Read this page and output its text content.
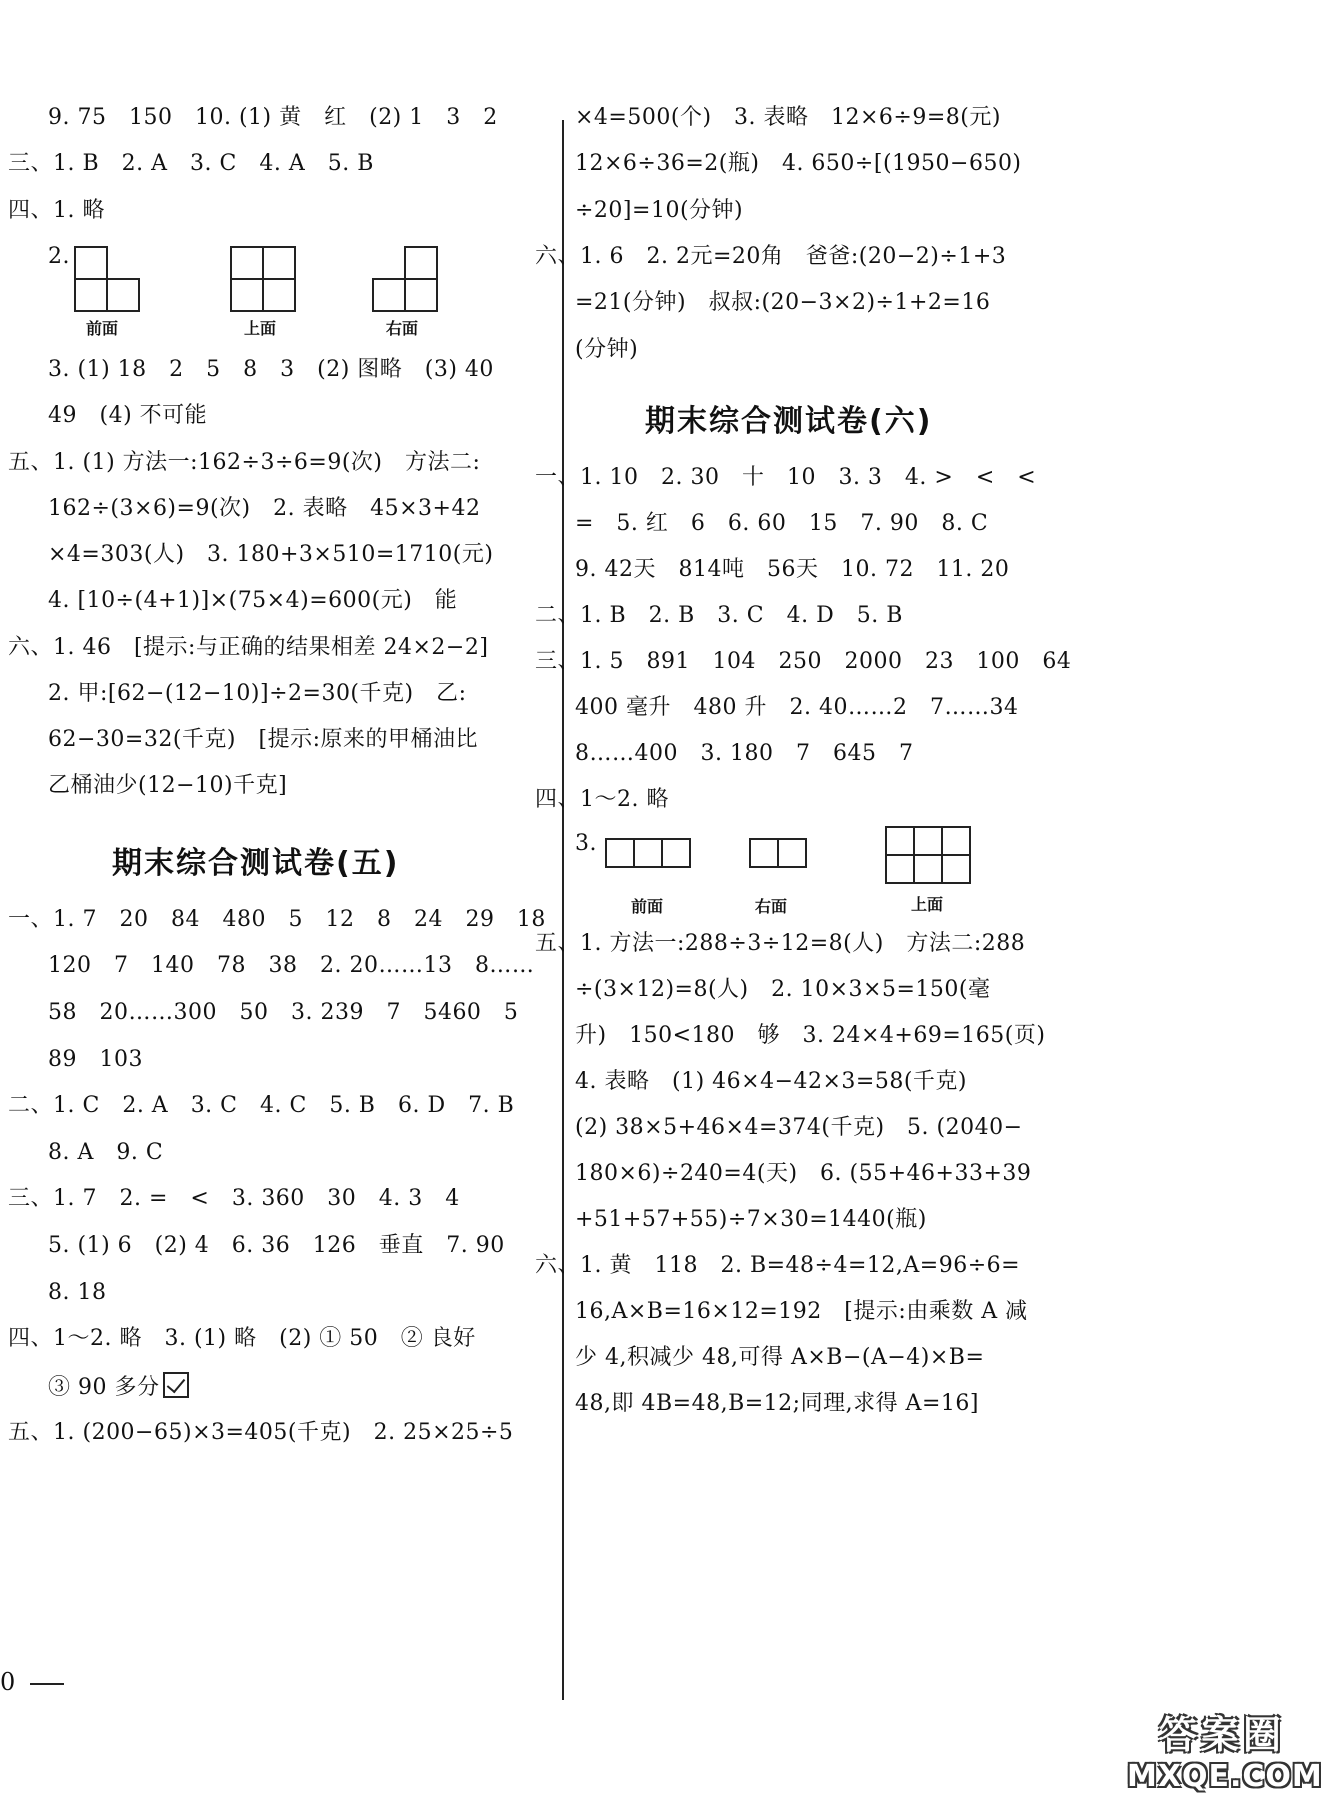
9. 75　150　10. (1) 黄　红　(2) 1　3　2
三、1. B　2. A　3. C　4. A　5. B
四、1. 略
2.
前面	上面	右面
3. (1) 18　2　5　8　3　(2) 图略　(3) 40
49　(4) 不可能
五、1. (1) 方法一:162÷3÷6=9(次)　方法二:
162÷(3×6)=9(次)　2. 表略　45×3+42
×4=303(人)　3. 180+3×510=1710(元)
4. [10÷(4+1)]×(75×4)=600(元)　能
六、1. 46　[提示:与正确的结果相差 24×2−2]
2. 甲:[62−(12−10)]÷2=30(千克)　乙:
62−30=32(千克)　[提示:原来的甲桶油比
乙桶油少(12−10)千克]
期末综合测试卷(五)
一、1. 7　20　84　480　5　12　8　24　29　18
120　7　140　78　38　2. 20……13　8……
58　20……300　50　3. 239　7　5460　5
89　103
二、1. C　2. A　3. C　4. C　5. B　6. D　7. B
8. A　9. C
三、1. 7　2. =　<　3. 360　30　4. 3　4
5. (1) 6　(2) 4　6. 36　126　垂直　7. 90
8. 18
四、1～2. 略　3. (1) 略　(2) ① 50　② 良好
③ 90 多分
五、1. (200−65)×3=405(千克)　2. 25×25÷5
×4=500(个)　3. 表略　12×6÷9=8(元)
12×6÷36=2(瓶)　4. 650÷[(1950−650)
÷20]=10(分钟)
六、1. 6　2. 2元=20角　爸爸:(20−2)÷1+3
=21(分钟)　叔叔:(20−3×2)÷1+2=16
(分钟)
期末综合测试卷(六)
一、1. 10　2. 30　十　10　3. 3　4. >　<　<
=　5. 红　6　6. 60　15　7. 90　8. C
9. 42天　814吨　56天　10. 72　11. 20
二、1. B　2. B　3. C　4. D　5. B
三、1. 5　891　104　250　2000　23　100　64
400 毫升　480 升　2. 40……2　7……34
8……400　3. 180　7　645　7
四、1～2. 略
3.
前面	右面	上面
五、1. 方法一:288÷3÷12=8(人)　方法二:288
÷(3×12)=8(人)　2. 10×3×5=150(毫
升)　150<180　够　3. 24×4+69=165(页)
4. 表略　(1) 46×4−42×3=58(千克)
(2) 38×5+46×4=374(千克)　5. (2040−
180×6)÷240=4(天)　6. (55+46+33+39
+51+57+55)÷7×30=1440(瓶)
六、1. 黄　118　2. B=48÷4=12,A=96÷6=
16,A×B=16×12=192　[提示:由乘数 A 减
少 4,积减少 48,可得 A×B−(A−4)×B=
48,即 4B=48,B=12;同理,求得 A=16]
0
答案圈
MXQE.COM
